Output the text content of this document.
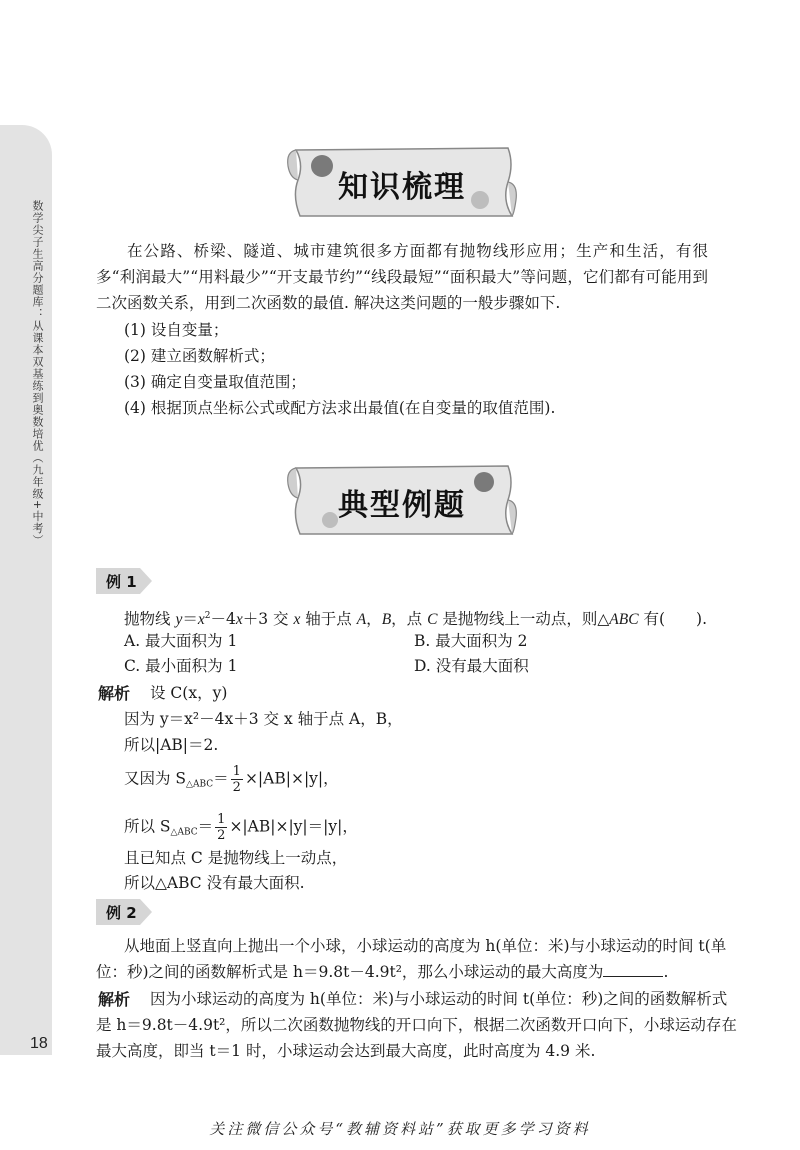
数学尖子生高分题库：从课本双基练到奥数培优（九年级+中考）
18
知识梳理
在公路、桥梁、隧道、城市建筑很多方面都有抛物线形应用；生产和生活，有很多“利润最大”“用料最少”“开支最节约”“线段最短”“面积最大”等问题，它们都有可能用到二次函数关系，用到二次函数的最值. 解决这类问题的一般步骤如下.
(1) 设自变量；
(2) 建立函数解析式；
(3) 确定自变量取值范围；
(4) 根据顶点坐标公式或配方法求出最值(在自变量的取值范围).
典型例题
例 1
抛物线 $y=x^2-4x+3$ 交 x 轴于点 A，B，点 C 是抛物线上一动点，则△ABC 有(　　).
A. 最大面积为 1	B. 最大面积为 2
C. 最小面积为 1	D. 没有最大面积
解析 设 C(x，y)
因为 y＝x²－4x＋3 交 x 轴于点 A，B，
所以|AB|＝2.
又因为 $S_{\triangle ABC}= \frac{1}{2} \times|AB|\times|y|$，
所以 $S_{\triangle ABC}= \frac{1}{2} \times|AB|\times|y|=|y|$，
且已知点 C 是抛物线上一动点，
所以△ABC 没有最大面积.
例 2
从地面上竖直向上抛出一个小球，小球运动的高度为 h(单位：米)与小球运动的时间 t(单
位：秒)之间的函数解析式是 h＝9.8t－4.9t²，那么小球运动的最大高度为	.
解析 因为小球运动的高度为 h(单位：米)与小球运动的时间 t(单位：秒)之间的函数解析式
是 h＝9.8t－4.9t²，所以二次函数抛物线的开口向下，根据二次函数开口向下，小球运动存在
最大高度，即当 t＝1 时，小球运动会达到最大高度，此时高度为 4.9 米.
关注微信公众号“教辅资料站”获取更多学习资料
